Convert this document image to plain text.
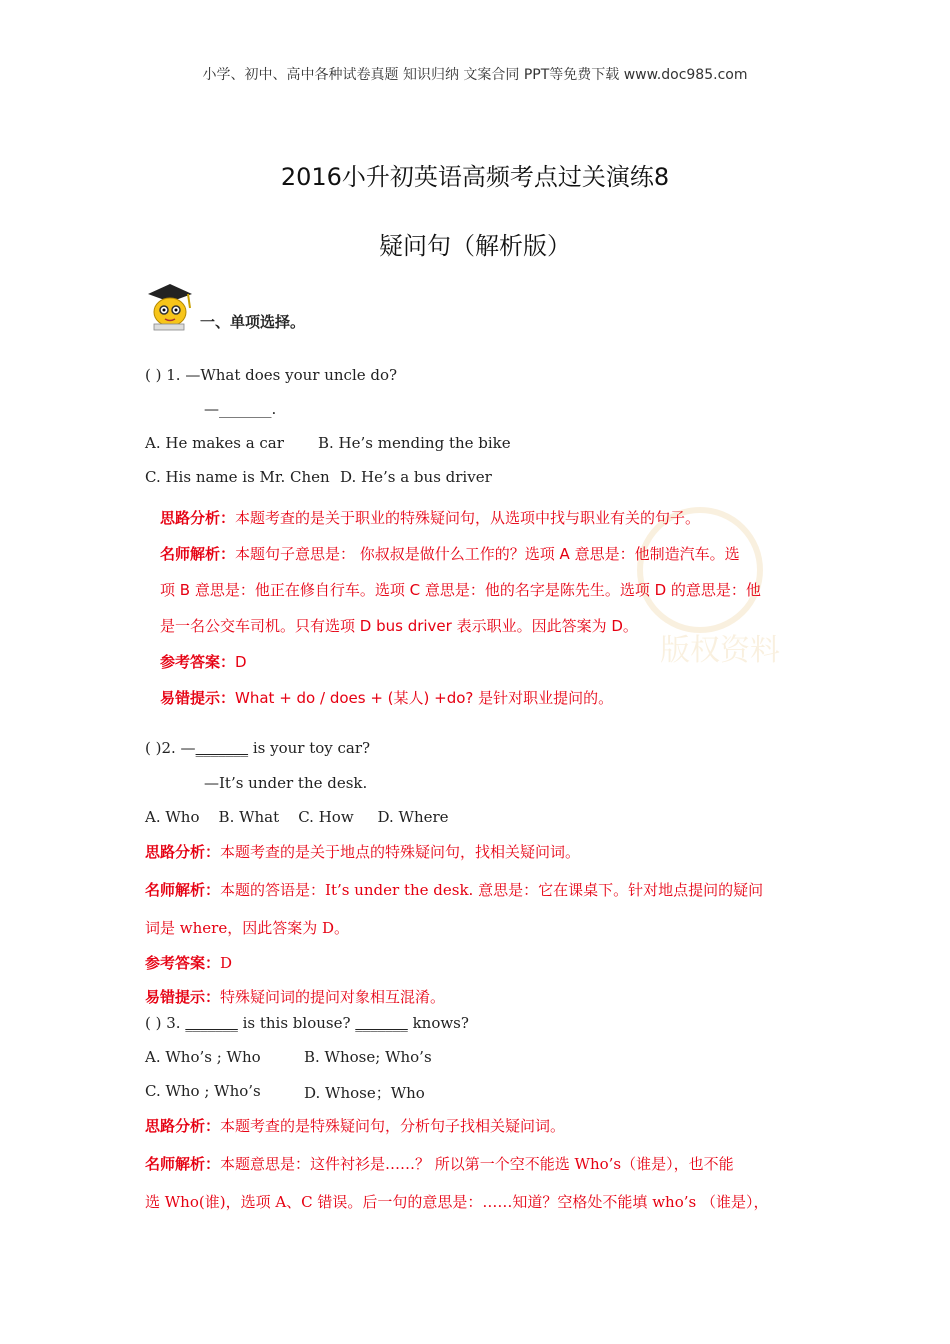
小学、初中、高中各种试卷真题 知识归纳 文案合同 PPT等免费下载 www.doc985.com
2016小升初英语高频考点过关演练8
疑问句（解析版）
一、单项选择。
( ) 1. —What does your uncle do?
—_______.
A. He makes a car B. He’s mending the bike
C. His name is Mr. Chen D. He’s a bus driver
版权资料
思路分析：本题考查的是关于职业的特殊疑问句，从选项中找与职业有关的句子。
名师解析：本题句子意思是： 你叔叔是做什么工作的？选项 A 意思是：他制造汽车。选
项 B 意思是：他正在修自行车。选项 C 意思是：他的名字是陈先生。选项 D 的意思是：他
是一名公交车司机。只有选项 D bus driver 表示职业。因此答案为 D。
参考答案：D
易错提示：What + do / does + (某人) +do? 是针对职业提问的。
( )2. —_______ is your toy car?
—It’s under the desk.
A. Who    B. What    C. How     D. Where
思路分析：本题考查的是关于地点的特殊疑问句，找相关疑问词。
名师解析：本题的答语是：It’s under the desk. 意思是：它在课桌下。针对地点提问的疑问
词是 where，因此答案为 D。
参考答案：D
易错提示：特殊疑问词的提问对象相互混淆。
( ) 3. _______ is this blouse? _______ knows?
A. Who’s ; Who	B. Whose; Who’s
C. Who ; Who’s	D. Whose；Who
思路分析：本题考查的是特殊疑问句，分析句子找相关疑问词。
名师解析：本题意思是：这件衬衫是……？ 所以第一个空不能选 Who’s（谁是），也不能
选 Who(谁)，选项 A、C 错误。后一句的意思是：……知道？空格处不能填 who’s （谁是），
